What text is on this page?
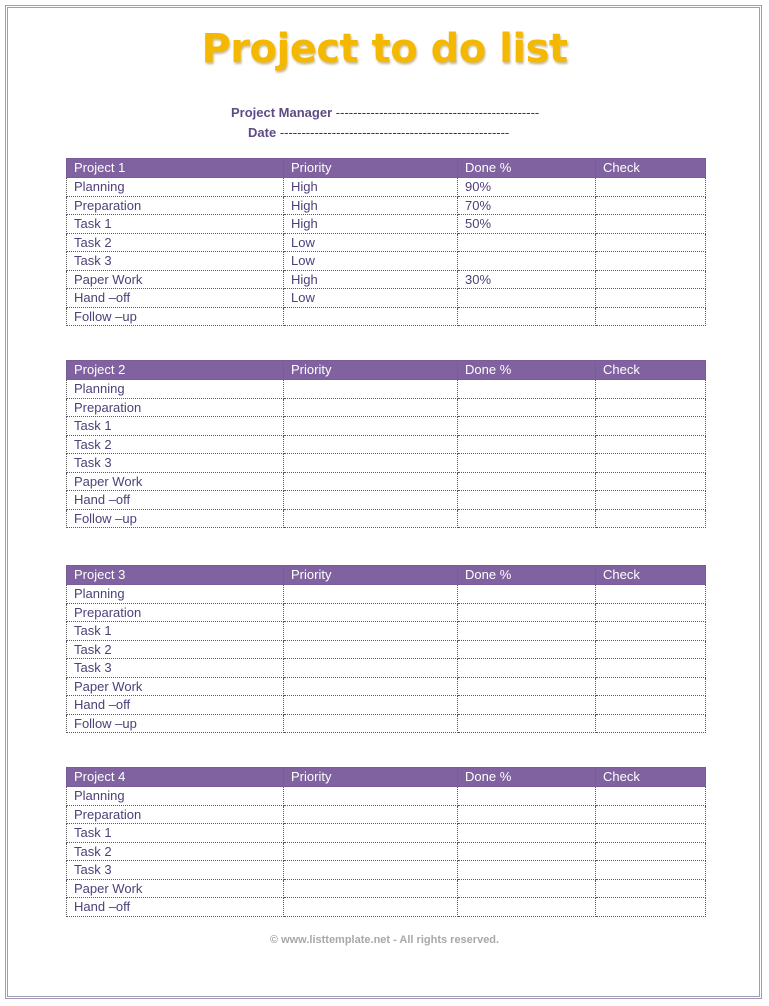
Project to do list
Project Manager -----------------------------------------------
Date -----------------------------------------------------
Project 1	Priority	Done %	Check
Planning	High	90%	
Preparation	High	70%	
Task 1	High	50%	
Task 2	Low		
Task 3	Low		
Paper Work	High	30%	
Hand –off	Low		
Follow –up			
Project 2	Priority	Done %	Check
Planning			
Preparation			
Task 1			
Task 2			
Task 3			
Paper Work			
Hand –off			
Follow –up			
Project 3	Priority	Done %	Check
Planning			
Preparation			
Task 1			
Task 2			
Task 3			
Paper Work			
Hand –off			
Follow –up			
Project 4	Priority	Done %	Check
Planning			
Preparation			
Task 1			
Task 2			
Task 3			
Paper Work			
Hand –off			
© www.listtemplate.net - All rights reserved.
